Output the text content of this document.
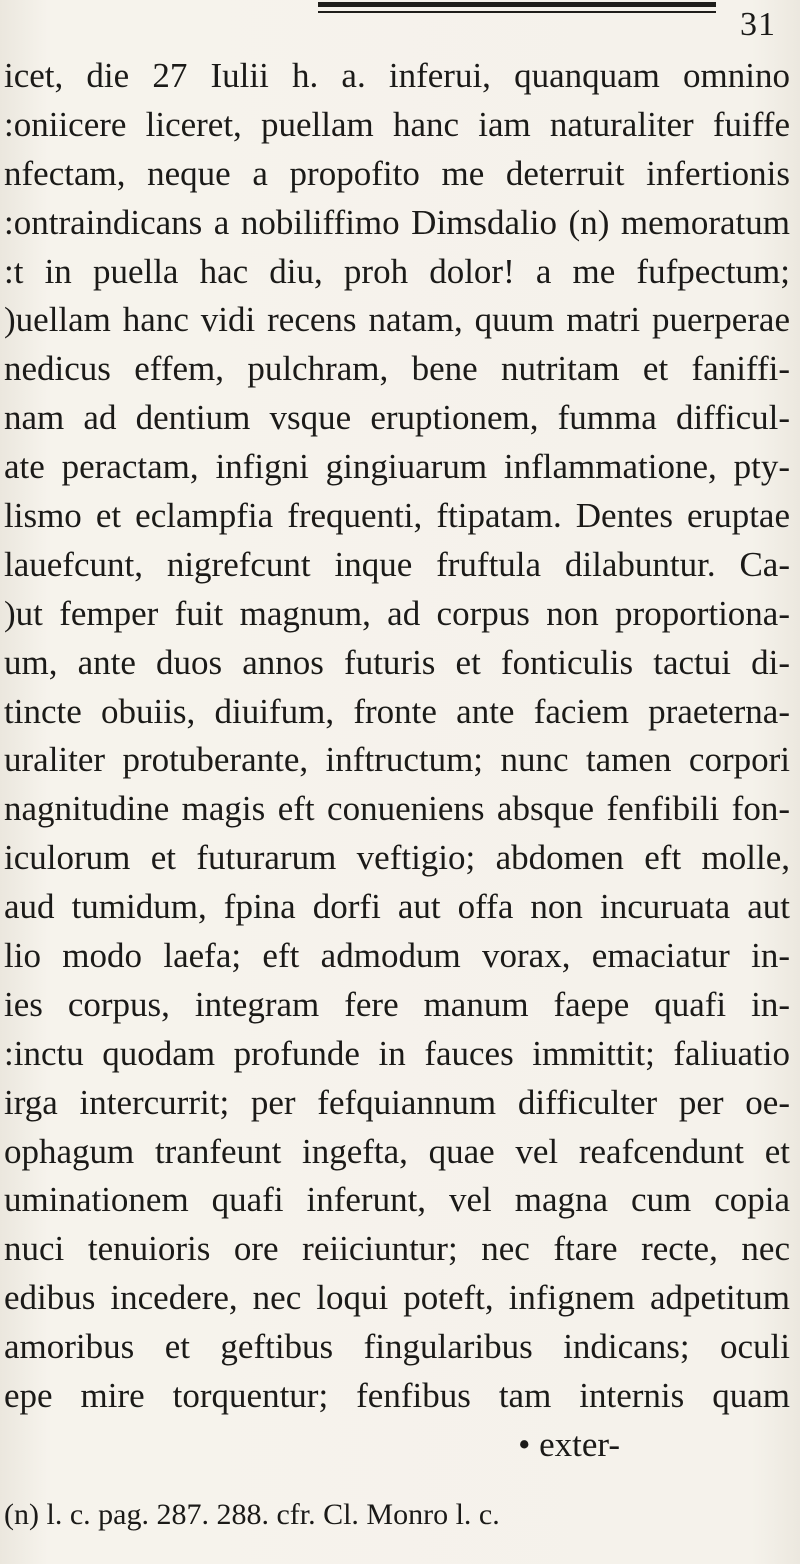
31
icet, die 27 Iulii h. a. inferui, quanquam omnino
:oniicere liceret, puellam hanc iam naturaliter fuiffe
nfectam, neque a propofito me deterruit infertionis
:ontraindicans a nobiliffimo Dimsdalio (n) memoratum
:t in puella hac diu, proh dolor! a me fufpectum;
)uellam hanc vidi recens natam, quum matri puerperae
nedicus effem, pulchram, bene nutritam et faniffi-
nam ad dentium vsque eruptionem, fumma difficul-
ate peractam, infigni gingiuarum inflammatione, pty-
lismo et eclampfia frequenti, ftipatam. Dentes eruptae
lauefcunt, nigrefcunt inque fruftula dilabuntur. Ca-
)ut femper fuit magnum, ad corpus non proportiona-
um, ante duos annos futuris et fonticulis tactui di-
tincte obuiis, diuifum, fronte ante faciem praeterna-
uraliter protuberante, inftructum; nunc tamen corpori
nagnitudine magis eft conueniens absque fenfibili fon-
iculorum et futurarum veftigio; abdomen eft molle,
aud tumidum, fpina dorfi aut offa non incuruata aut
lio modo laefa; eft admodum vorax, emaciatur in-
ies corpus, integram fere manum faepe quafi in-
:inctu quodam profunde in fauces immittit; faliuatio
irga intercurrit; per fefquiannum difficulter per oe-
ophagum tranfeunt ingefta, quae vel reafcendunt et
uminationem quafi inferunt, vel magna cum copia
nuci tenuioris ore reiiciuntur; nec ftare recte, nec
edibus incedere, nec loqui poteft, infignem adpetitum
amoribus et geftibus fingularibus indicans; oculi
epe mire torquentur; fenfibus tam internis quam
• exter-
(n) l. c. pag. 287. 288. cfr. Cl. Monro l. c.
